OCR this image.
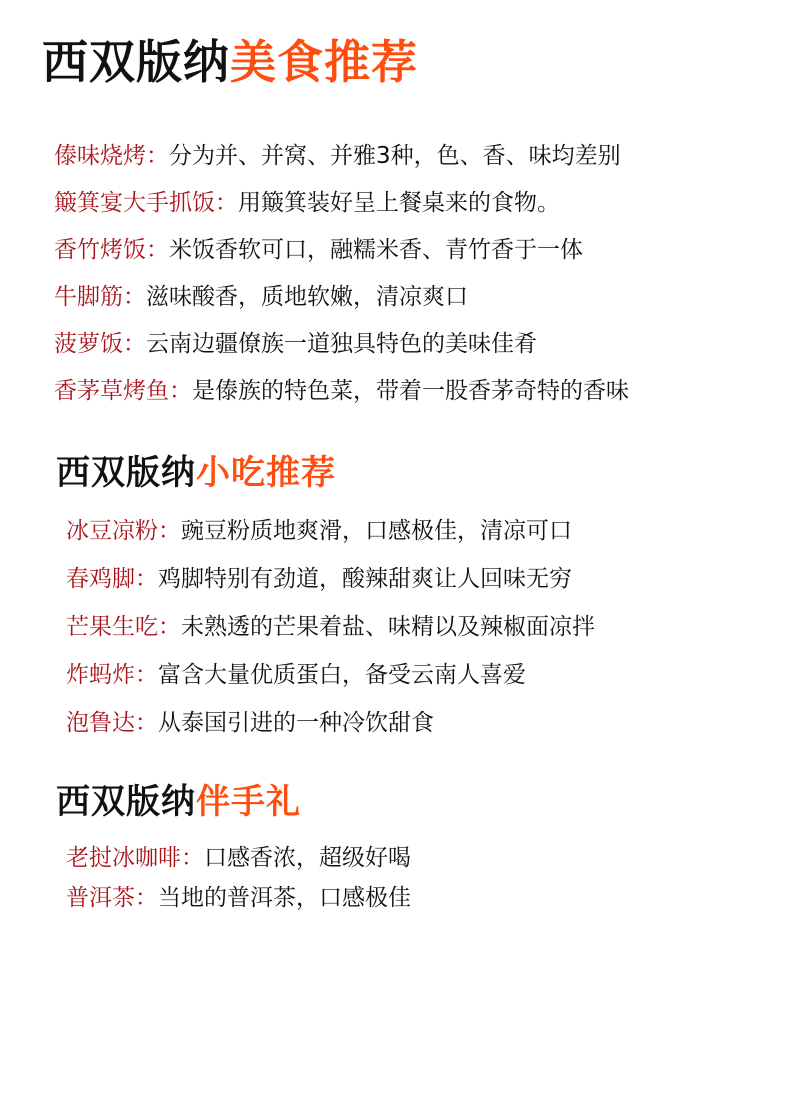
西双版纳美食推荐
傣味烧烤 ： 分为并、并窝、并雅3种，色、香、味均差别
簸箕宴大手抓饭 ： 用簸箕装好呈上餐桌来的食物。
香竹烤饭 ： 米饭香软可口，融糯米香、青竹香于一体
牛脚筋 ： 滋味酸香，质地软嫩，清凉爽口
菠萝饭 ： 云南边疆僚族一道独具特色的美味佳肴
香茅草烤鱼 ： 是傣族的特色菜，带着一股香茅奇特的香味
西双版纳小吃推荐
冰豆凉粉 ： 豌豆粉质地爽滑，口感极佳，清凉可口
春鸡脚 ： 鸡脚特别有劲道，酸辣甜爽让人回味无穷
芒果生吃 ： 未熟透的芒果着盐、味精以及辣椒面凉拌
炸蚂炸 ： 富含大量优质蛋白，备受云南人喜爱
泡鲁达 ： 从泰国引进的一种冷饮甜食
西双版纳伴手礼
老挝冰咖啡 ： 口感香浓，超级好喝
普洱茶 ： 当地的普洱茶，口感极佳
